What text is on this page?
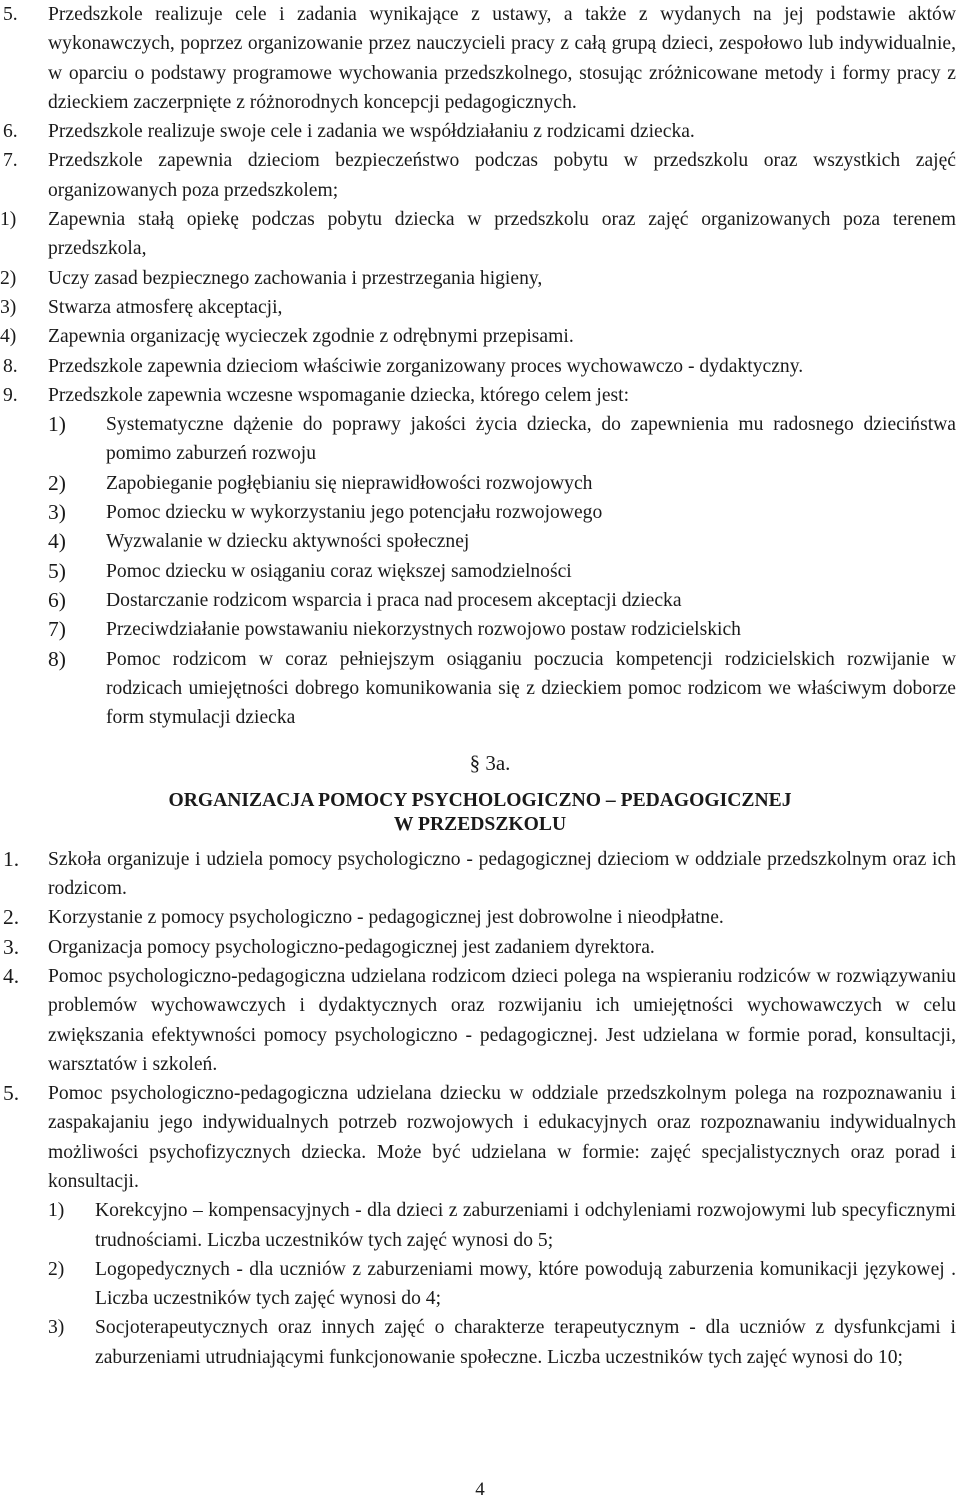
5. Przedszkole realizuje cele i zadania wynikające z ustawy, a także z wydanych na jej podstawie aktów wykonawczych, poprzez organizowanie przez nauczycieli pracy z całą grupą dzieci, zespołowo lub indywidualnie, w oparciu o podstawy programowe wychowania przedszkolnego, stosując zróżnicowane metody i formy pracy z dzieckiem zaczerpnięte z różnorodnych koncepcji pedagogicznych.
6. Przedszkole realizuje swoje cele i zadania we współdziałaniu z rodzicami dziecka.
7. Przedszkole zapewnia dzieciom bezpieczeństwo podczas pobytu w przedszkolu oraz wszystkich zajęć organizowanych poza przedszkolem;
1) Zapewnia stałą opiekę podczas pobytu dziecka w przedszkolu oraz zajęć organizowanych poza terenem przedszkola,
2) Uczy zasad bezpiecznego zachowania i przestrzegania higieny,
3) Stwarza atmosferę akceptacji,
4) Zapewnia organizację wycieczek zgodnie z odrębnymi przepisami.
8. Przedszkole zapewnia dzieciom właściwie zorganizowany proces wychowawczo - dydaktyczny.
9. Przedszkole zapewnia wczesne wspomaganie dziecka, którego celem jest:
1) Systematyczne dążenie do poprawy jakości życia dziecka, do zapewnienia mu radosnego dzieciństwa pomimo zaburzeń rozwoju
2) Zapobieganie pogłębianiu się nieprawidłowości rozwojowych
3) Pomoc dziecku w wykorzystaniu jego potencjału rozwojowego
4) Wyzwalanie w dziecku aktywności społecznej
5) Pomoc dziecku w osiąganiu coraz większej samodzielności
6) Dostarczanie rodzicom wsparcia i praca nad procesem akceptacji dziecka
7) Przeciwdziałanie powstawaniu niekorzystnych rozwojowo postaw rodzicielskich
8) Pomoc rodzicom w coraz pełniejszym osiąganiu poczucia kompetencji rodzicielskich rozwijanie w rodzicach umiejętności dobrego komunikowania się z dzieckiem pomoc rodzicom we właściwym doborze form stymulacji dziecka
§ 3a.
ORGANIZACJA POMOCY PSYCHOLOGICZNO – PEDAGOGICZNEJ
W PRZEDSZKOLU
1. Szkoła organizuje i udziela pomocy psychologiczno - pedagogicznej dzieciom w oddziale przedszkolnym oraz ich rodzicom.
2. Korzystanie z pomocy psychologiczno - pedagogicznej jest dobrowolne i nieodpłatne.
3. Organizacja pomocy psychologiczno-pedagogicznej jest zadaniem dyrektora.
4. Pomoc psychologiczno-pedagogiczna udzielana rodzicom dzieci polega na wspieraniu rodziców w rozwiązywaniu problemów wychowawczych i dydaktycznych oraz rozwijaniu ich umiejętności wychowawczych w celu zwiększania efektywności pomocy psychologiczno - pedagogicznej. Jest udzielana w formie porad, konsultacji, warsztatów i szkoleń.
5. Pomoc psychologiczno-pedagogiczna udzielana dziecku w oddziale przedszkolnym polega na rozpoznawaniu i zaspakajaniu jego indywidualnych potrzeb rozwojowych i edukacyjnych oraz rozpoznawaniu indywidualnych możliwości psychofizycznych dziecka. Może być udzielana w formie: zajęć specjalistycznych oraz porad i konsultacji.
1) Korekcyjno – kompensacyjnych - dla dzieci z zaburzeniami i odchyleniami rozwojowymi lub specyficznymi trudnościami. Liczba uczestników tych zajęć wynosi do 5;
2) Logopedycznych - dla uczniów z zaburzeniami mowy, które powodują zaburzenia komunikacji językowej . Liczba uczestników tych zajęć wynosi do 4;
3) Socjoterapeutycznych oraz innych zajęć o charakterze terapeutycznym - dla uczniów z dysfunkcjami i zaburzeniami utrudniającymi funkcjonowanie społeczne. Liczba uczestników tych zajęć wynosi do 10;
4
